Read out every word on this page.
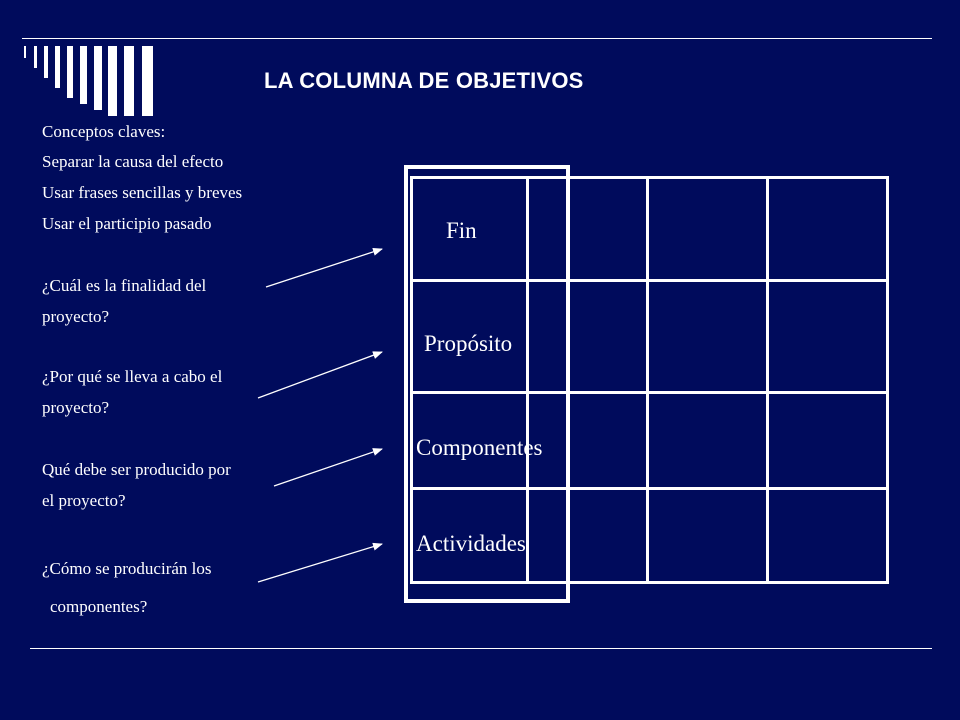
LA COLUMNA DE OBJETIVOS
Conceptos claves:
Separar la causa del efecto
Usar frases sencillas y breves
Usar el participio pasado
¿Cuál es la finalidad del
proyecto?
¿Por qué se lleva a cabo el
proyecto?
Qué debe ser producido por
el proyecto?
¿Cómo se producirán los
componentes?
Fin
Propósito
Componentes
Actividades
